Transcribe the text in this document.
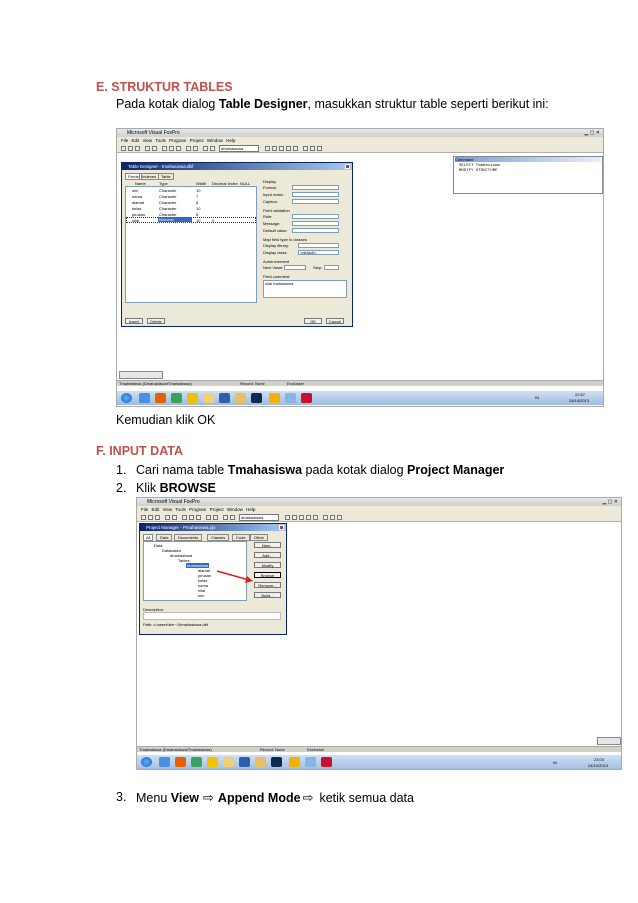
E. STRUKTUR TABLES
Pada kotak dialog Table Designer, masukkan struktur table seperti berikut ini:
Microsoft Visual FoxPro	▁ ▢ ✕
File Edit View Tools Program Project Window Help
dmahasiswa
Table Designer - tmahasiswa.dbf
Fields Indexes	Table
Name	Type	Width Decimal Index NULL
nim	Character	10
nama	Character	7
alamat	Character	8
kelas	Character	10
jurusan	Character	8
nilai	Numeric	10	0
Display
Format:
Input mask:
Caption:
Field validation
Rule:
Message:
Default value:
Map field type to classes
Display library:
Display class:	<default>
AutoIncrement
Next Value:	Step:
Field comment:
nilai mahasiswa
Insert	Delete	OK	Cancel
Command
SELECT Tmahasiswa
MODIFY STRUCTURE
Tmahasiswa (Dmahasiswa!Tmahasiswa)	Record: None	Exclusive
IN
22:57
24/10/2013
Kemudian klik OK
F. INPUT DATA
1. Cari nama table Tmahasiswa pada kotak dialog Project Manager
2. Klik BROWSE
Microsoft Visual FoxPro	▁ ▢ ✕
File Edit View Tools Program Project Window Help
dmahasiswa
Project Manager - Pmahasiswa.pjx
All	Data	Documents	Classes	Code	Other
Data
Databases
dmahasiswa
Tables
tmahasiswa
alamat
jurusan
kelas
nama
nilai
nim
New...
Add...
Modify
Browse
Remove...
Build...
Description:
Path: c:\users\ferr~1\tmahasiswa.dbf
Tmahasiswa (Dmahasiswa!Tmahasiswa)	Record: None	Exclusive
IN
23:00
24/10/2013
3. Menu View ⇨ Append Mode ⇨ ketik semua data
